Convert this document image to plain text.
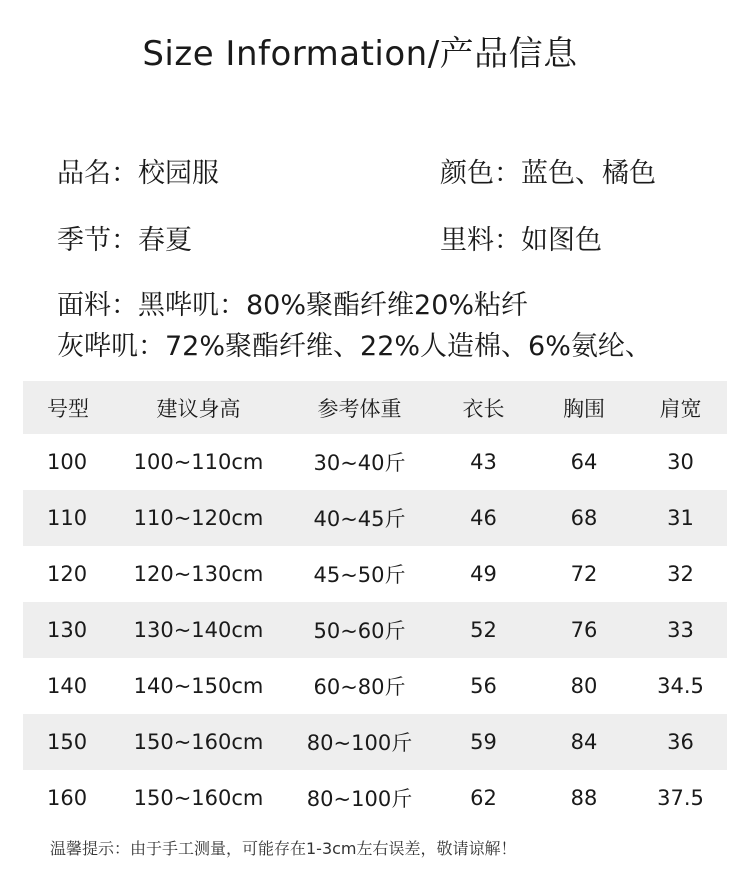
Size Information/产品信息
品名：校园服	颜色：蓝色、橘色
季节：春夏	里料：如图色
面料：黑哔叽：80%聚酯纤维20%粘纤
灰哔叽：72%聚酯纤维、22%人造棉、6%氨纶、
号型	建议身高	参考体重	衣长	胸围	肩宽
100	100~110cm	30~40斤	43	64	30
110	110~120cm	40~45斤	46	68	31
120	120~130cm	45~50斤	49	72	32
130	130~140cm	50~60斤	52	76	33
140	140~150cm	60~80斤	56	80	34.5
150	150~160cm	80~100斤	59	84	36
160	150~160cm	80~100斤	62	88	37.5
温馨提示：由于手工测量，可能存在1-3cm左右误差，敬请谅解！
